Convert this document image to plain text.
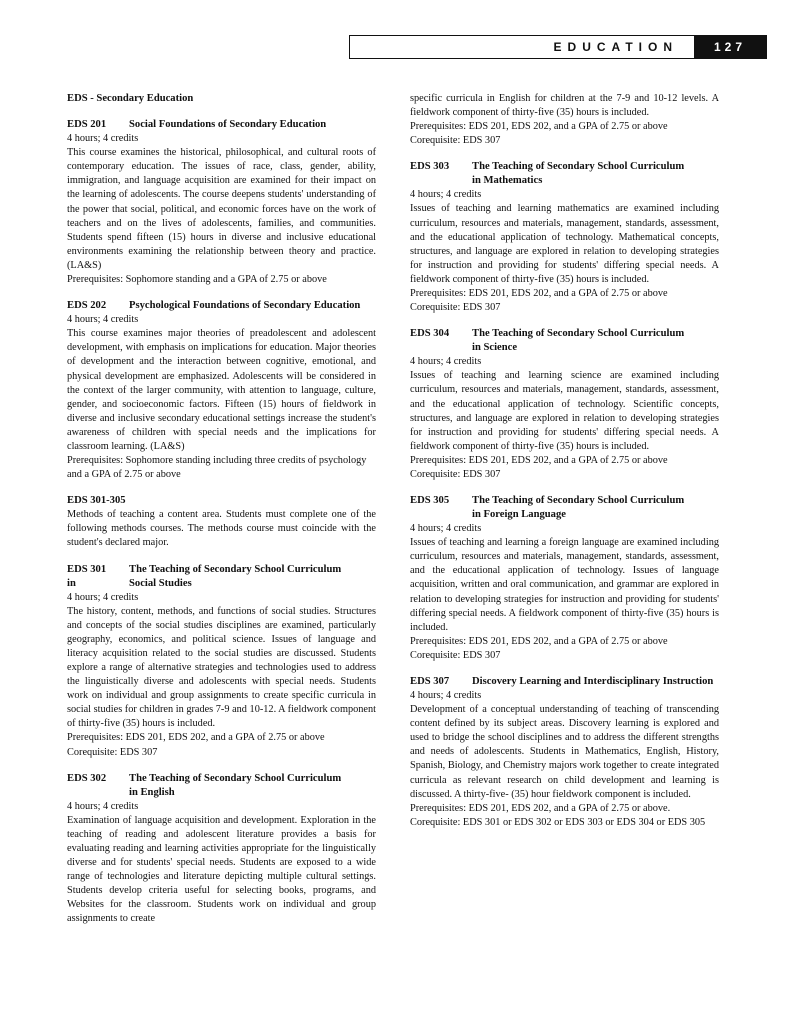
EDUCATION	127
EDS - Secondary Education
EDS 201	Social Foundations of Secondary Education

4 hours; 4 credits

This course examines the historical, philosophical, and cultural roots of contemporary education. The issues of race, class, gender, ability, immigration, and language acquisition are examined for their impact on the learning of adolescents. The course deepens students' understanding of the power that social, political, and economic forces have on the work of teachers and on the lives of adolescents, families, and communities. Students spend fifteen (15) hours in diverse and inclusive educational environments examining the relationship between theory and practice. (LA&S)

Prerequisites: Sophomore standing and a GPA of 2.75 or above

EDS 202	Psychological Foundations of Secondary Education

4 hours; 4 credits

This course examines major theories of preadolescent and adolescent development, with emphasis on implications for education. Major theories of development and the interaction between cognitive, emotional, and physical development are emphasized. Adolescents will be considered in the context of the larger community, with attention to language, culture, gender, and socioeconomic factors. Fifteen (15) hours of fieldwork in diverse and inclusive secondary educational settings increase the student's awareness of children with special needs and the implications for classroom learning. (LA&S)

Prerequisites: Sophomore standing including three credits of psychology and a GPA of 2.75 or above

EDS 301-305

Methods of teaching a content area. Students must complete one of the following methods courses. The methods course must coincide with the student's declared major.

EDS 301
in
The Teaching of Secondary School Curriculum
Social Studies

4 hours; 4 credits

The history, content, methods, and functions of social studies. Structures and concepts of the social studies disciplines are examined, particularly geography, economics, and political science. Issues of language and literacy acquisition related to the social studies are discussed. Students explore a range of alternative strategies and technologies used to address the linguistically diverse and adolescents with special needs. Students work on individual and group assignments to create specific curricula in social studies for children in grades 7-9 and 10-12. A fieldwork component of thirty-five (35) hours is included.

Prerequisites: EDS 201, EDS 202, and a GPA of 2.75 or above

Corequisite: EDS 307

EDS 302	The Teaching of Secondary School Curriculum
in English

4 hours; 4 credits

Examination of language acquisition and development. Exploration in the teaching of reading and adolescent literature provides a basis for evaluating reading and learning activities appropriate for the linguistically diverse and for students' special needs. Students are exposed to a wide range of technologies and literature depicting multiple cultural settings. Students develop criteria useful for selecting books, programs, and Websites for the classroom. Students work on individual and group assignments to create

specific curricula in English for children at the 7-9 and 10-12 levels. A fieldwork component of thirty-five (35) hours is included.

Prerequisites: EDS 201, EDS 202, and a GPA of 2.75 or above

Corequisite: EDS 307

EDS 303	The Teaching of Secondary School Curriculum
in Mathematics

4 hours; 4 credits

Issues of teaching and learning mathematics are examined including curriculum, resources and materials, management, standards, assessment, and the educational application of technology. Mathematical concepts, structures, and language are explored in relation to developing strategies for instruction and providing for students' differing special needs. A fieldwork component of thirty-five (35) hours is included.

Prerequisites: EDS 201, EDS 202, and a GPA of 2.75 or above

Corequisite: EDS 307

EDS 304	The Teaching of Secondary School Curriculum
in Science

4 hours; 4 credits

Issues of teaching and learning science are examined including curriculum, resources and materials, management, standards, assessment, and the educational application of technology. Scientific concepts, structures, and language are explored in relation to developing strategies for instruction and providing for students' differing special needs. A fieldwork component of thirty-five (35) hours is included.

Prerequisites: EDS 201, EDS 202, and a GPA of 2.75 or above

Corequisite: EDS 307

EDS 305	The Teaching of Secondary School Curriculum
in Foreign Language

4 hours; 4 credits

Issues of teaching and learning a foreign language are examined including curriculum, resources and materials, management, standards, assessment, and the educational application of technology. Issues of language acquisition, written and oral communication, and grammar are explored in relation to developing strategies for instruction and providing for students' differing special needs. A fieldwork component of thirty-five (35) hours is included.

Prerequisites: EDS 201, EDS 202, and a GPA of 2.75 or above

Corequisite: EDS 307

EDS 307	Discovery Learning and Interdisciplinary Instruction

4 hours; 4 credits

Development of a conceptual understanding of teaching of transcending content defined by its subject areas. Discovery learning is explored and used to bridge the school disciplines and to address the different strengths and needs of adolescents. Students in Mathematics, English, History, Spanish, Biology, and Chemistry majors work together to create integrated curricula as relevant research on child development and learning is discussed. A thirty-five- (35) hour fieldwork component is included.

Prerequisites: EDS 201, EDS 202, and a GPA of 2.75 or above.

Corequisite: EDS 301 or EDS 302 or EDS 303 or EDS 304 or EDS 305
